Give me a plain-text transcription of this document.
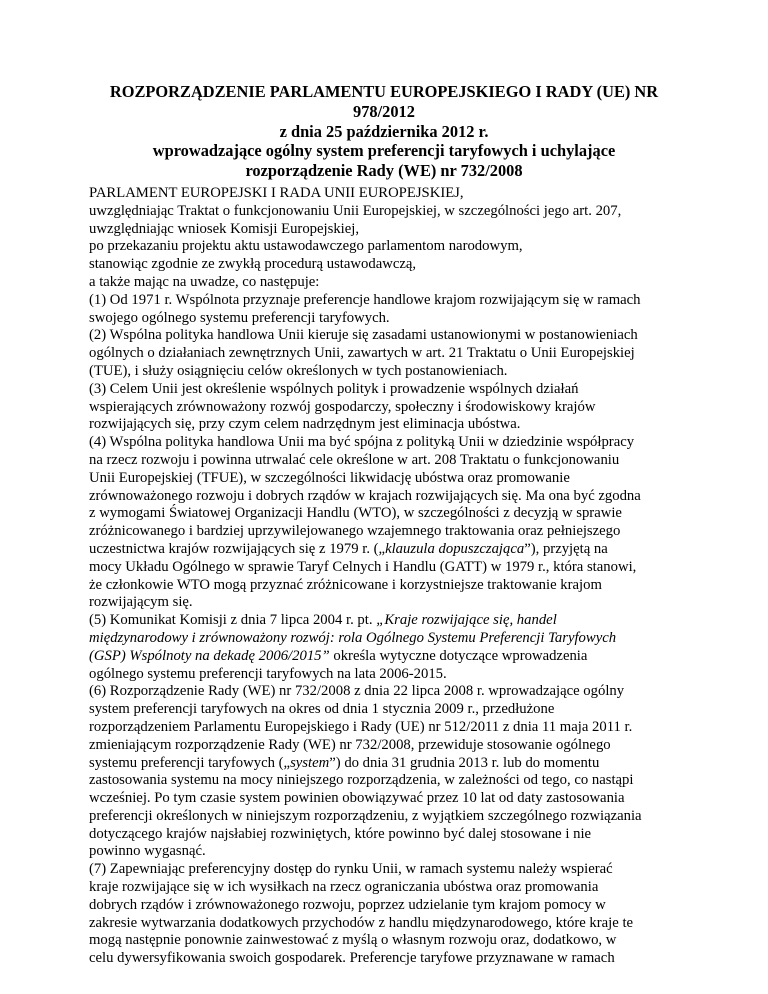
ROZPORZĄDZENIE PARLAMENTU EUROPEJSKIEGO I RADY (UE) NR
978/2012
z dnia 25 października 2012 r.
wprowadzające ogólny system preferencji taryfowych i uchylające
rozporządzenie Rady (WE) nr 732/2008
PARLAMENT EUROPEJSKI I RADA UNII EUROPEJSKIEJ,
uwzględniając Traktat o funkcjonowaniu Unii Europejskiej, w szczególności jego art. 207,
uwzględniając wniosek Komisji Europejskiej,
po przekazaniu projektu aktu ustawodawczego parlamentom narodowym,
stanowiąc zgodnie ze zwykłą procedurą ustawodawczą,
a także mając na uwadze, co następuje:
(1) Od 1971 r. Wspólnota przyznaje preferencje handlowe krajom rozwijającym się w ramach
swojego ogólnego systemu preferencji taryfowych.
(2) Wspólna polityka handlowa Unii kieruje się zasadami ustanowionymi w postanowieniach
ogólnych o działaniach zewnętrznych Unii, zawartych w art. 21 Traktatu o Unii Europejskiej
(TUE), i służy osiągnięciu celów określonych w tych postanowieniach.
(3) Celem Unii jest określenie wspólnych polityk i prowadzenie wspólnych działań
wspierających zrównoważony rozwój gospodarczy, społeczny i środowiskowy krajów
rozwijających się, przy czym celem nadrzędnym jest eliminacja ubóstwa.
(4) Wspólna polityka handlowa Unii ma być spójna z polityką Unii w dziedzinie współpracy
na rzecz rozwoju i powinna utrwalać cele określone w art. 208 Traktatu o funkcjonowaniu
Unii Europejskiej (TFUE), w szczególności likwidację ubóstwa oraz promowanie
zrównoważonego rozwoju i dobrych rządów w krajach rozwijających się. Ma ona być zgodna
z wymogami Światowej Organizacji Handlu (WTO), w szczególności z decyzją w sprawie
zróżnicowanego i bardziej uprzywilejowanego wzajemnego traktowania oraz pełniejszego
uczestnictwa krajów rozwijających się z 1979 r. („klauzula dopuszczająca”), przyjętą na
mocy Układu Ogólnego w sprawie Taryf Celnych i Handlu (GATT) w 1979 r., która stanowi,
że członkowie WTO mogą przyznać zróżnicowane i korzystniejsze traktowanie krajom
rozwijającym się.
(5) Komunikat Komisji z dnia 7 lipca 2004 r. pt. „Kraje rozwijające się, handel
międzynarodowy i zrównoważony rozwój: rola Ogólnego Systemu Preferencji Taryfowych
(GSP) Wspólnoty na dekadę 2006/2015” określa wytyczne dotyczące wprowadzenia
ogólnego systemu preferencji taryfowych na lata 2006-2015.
(6) Rozporządzenie Rady (WE) nr 732/2008 z dnia 22 lipca 2008 r. wprowadzające ogólny
system preferencji taryfowych na okres od dnia 1 stycznia 2009 r., przedłużone
rozporządzeniem Parlamentu Europejskiego i Rady (UE) nr 512/2011 z dnia 11 maja 2011 r.
zmieniającym rozporządzenie Rady (WE) nr 732/2008, przewiduje stosowanie ogólnego
systemu preferencji taryfowych („system”) do dnia 31 grudnia 2013 r. lub do momentu
zastosowania systemu na mocy niniejszego rozporządzenia, w zależności od tego, co nastąpi
wcześniej. Po tym czasie system powinien obowiązywać przez 10 lat od daty zastosowania
preferencji określonych w niniejszym rozporządzeniu, z wyjątkiem szczególnego rozwiązania
dotyczącego krajów najsłabiej rozwiniętych, które powinno być dalej stosowane i nie
powinno wygasnąć.
(7) Zapewniając preferencyjny dostęp do rynku Unii, w ramach systemu należy wspierać
kraje rozwijające się w ich wysiłkach na rzecz ograniczania ubóstwa oraz promowania
dobrych rządów i zrównoważonego rozwoju, poprzez udzielanie tym krajom pomocy w
zakresie wytwarzania dodatkowych przychodów z handlu międzynarodowego, które kraje te
mogą następnie ponownie zainwestować z myślą o własnym rozwoju oraz, dodatkowo, w
celu dywersyfikowania swoich gospodarek. Preferencje taryfowe przyznawane w ramach
